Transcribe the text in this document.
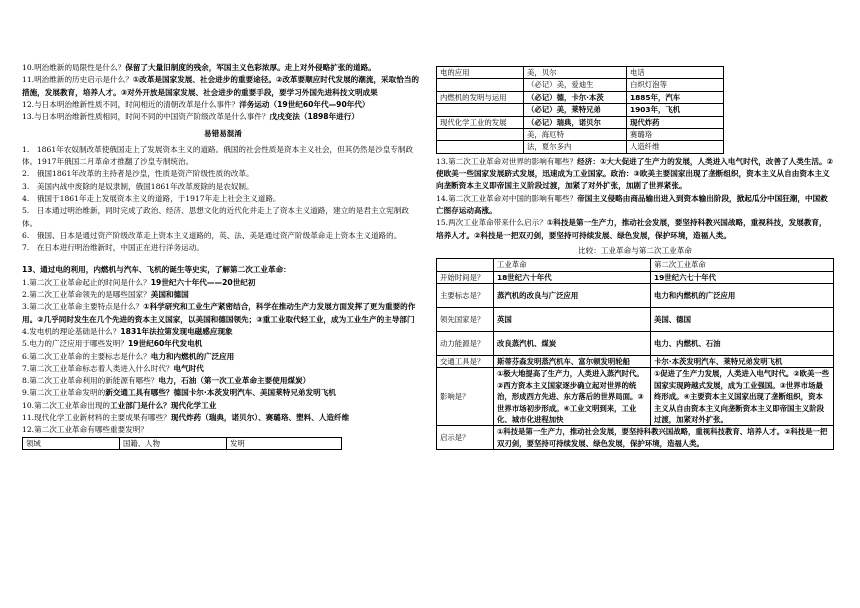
10.明治维新的局限性是什么？保留了大量旧制度的残余，军国主义色彩浓厚。走上对外侵略扩张的道路。

11.明治维新的历史启示是什么？①改革是国家发展、社会进步的重要途径。②改革要顺应时代发展的潮流，采取恰当的措施，发展教育，培养人才。③对外开放是国家发展、社会进步的重要手段，要学习外国先进科技文明成果

12.与日本明治维新性质不同，时间相近的清朝改革是什么事件？洋务运动（19世纪60年代—90年代）

13.与日本明治维新性质相同，时间不同的中国资产阶级改革是什么事件？戊戌变法（1898年进行）

易错易混淆

1.　1861年农奴制改革使俄国走上了发展资本主义的道路。俄国的社会性质是资本主义社会，但其仍然是沙皇专制政体。1917年俄国二月革命才推翻了沙皇专制统治。

2.　俄国1861年改革的主持者是沙皇，性质是资产阶级性质的改革。

3.　美国内战中废除的是奴隶制，俄国1861年改革废除的是农奴制。

4.　俄国于1861年走上发展资本主义的道路，于1917年走上社会主义道路。

5.　日本通过明治维新，同时完成了政治、经济、思想文化的近代化并走上了资本主义道路，建立的是君主立宪制政体。

6.　俄国、日本是通过资产阶级改革走上资本主义道路的，英、法、美是通过资产阶级革命走上资本主义道路的。

7.　在日本进行明治维新时，中国正在进行洋务运动。

13、通过电的利用，内燃机与汽车、飞机的诞生等史实，了解第二次工业革命：

1.第二次工业革命起止的时间是什么？19世纪六十年代——20世纪初

2.第二次工业革命领先的是哪些国家？美国和德国

3.第二次工业革命主要特点是什么？①科学研究和工业生产紧密结合，科学在推动生产力发展方面发挥了更为重要的作用。②几乎同时发生在几个先进的资本主义国家，以美国和德国领先；③重工业取代轻工业，成为工业生产的主导部门

4.发电机的理论基础是什么？1831年法拉第发现电磁感应现象

5.电力的广泛应用于哪些发明？19世纪60年代发电机

6.第二次工业革命的主要标志是什么？电力和内燃机的广泛应用

7.第二次工业革命标志着人类进入什么时代？电气时代

8.第二次工业革命利用的新能源有哪些？电力，石油（第一次工业革命主要使用煤炭）

9.第二次工业革命发明的新交通工具有哪些？德国卡尔·本茨发明汽车、美国莱特兄弟发明飞机

10.第二次工业革命出现的工业部门是什么？现代化学工业

11.现代化学工业新材料的主要成果有哪些？现代炸药（瑞典，诺贝尔）、赛璐珞、塑料、人造纤维

12.第二次工业革命有哪些重要发明？

领域	国籍、人物	发明
电的应用	美，贝尔	电话
	（必记）美，爱迪生	白炽灯泡等
内燃机的发明与运用	（必记）德，卡尔·本茨	1885年，汽车
	（必记）美，莱特兄弟	1903年，飞机
现代化学工业的发展	（必记）瑞典，诺贝尔	现代炸药
	美，海厄特	赛璐珞
	法，夏尔多内	人造纤维

13.第二次工业革命对世界的影响有哪些？经济：①大大促进了生产力的发展，人类进入电气时代，改善了人类生活。②使欧美一些国家发展跻式发展，迅速成为工业国家。政治：③欧美主要国家出现了垄断组织，资本主义从自由资本主义向垄断资本主义即帝国主义阶段过渡，加紧了对外扩张，加剧了世界紧张。

14.第二次工业革命对中国的影响有哪些？帝国主义侵略由商品输出进入到资本输出阶段，掀起瓜分中国狂潮，中国救亡图存运动高涨。

15.两次工业革命带来什么启示？①科技是第一生产力，推动社会发展，要坚持科教兴国战略，重视科技，发展教育，培养人才。②科技是一把双刃剑，要坚持可持续发展、绿色发展，保护环境，造福人类。

比较：工业革命与第二次工业革命

	工业革命	第二次工业革命
开始时间是？	18世纪六十年代	19世纪六七十年代
主要标志是？	蒸汽机的改良与广泛应用	电力和内燃机的广泛应用
领先国家是？	英国	美国、德国
动力能源是？	改良蒸汽机、煤炭	电力、内燃机、石油
交通工具是？	斯蒂芬森发明蒸汽机车、富尔顿发明轮船	卡尔·本茨发明汽车、莱特兄弟发明飞机
影响是？	①极大地提高了生产力，人类进入蒸汽时代。②西方资本主义国家逐步确立起对世界的统治，形成西方先进、东方落后的世界局面。③世界市场初步形成。④工业文明到来，工业化、城市化进程加快	①促进了生产力发展，人类进入电气时代。②欧美一些国家实现跨越式发展，成为工业强国。③世界市场最终形成。④主要资本主义国家出现了垄断组织，资本主义从自由资本主义向垄断资本主义即帝国主义阶段过渡，加紧对外扩张。
启示是？	①科技是第一生产力，推动社会发展，要坚持科教兴国战略，重视科技教育、培养人才。②科技是一把双刃剑，要坚持可持续发展、绿色发展，保护环境，造福人类。	
